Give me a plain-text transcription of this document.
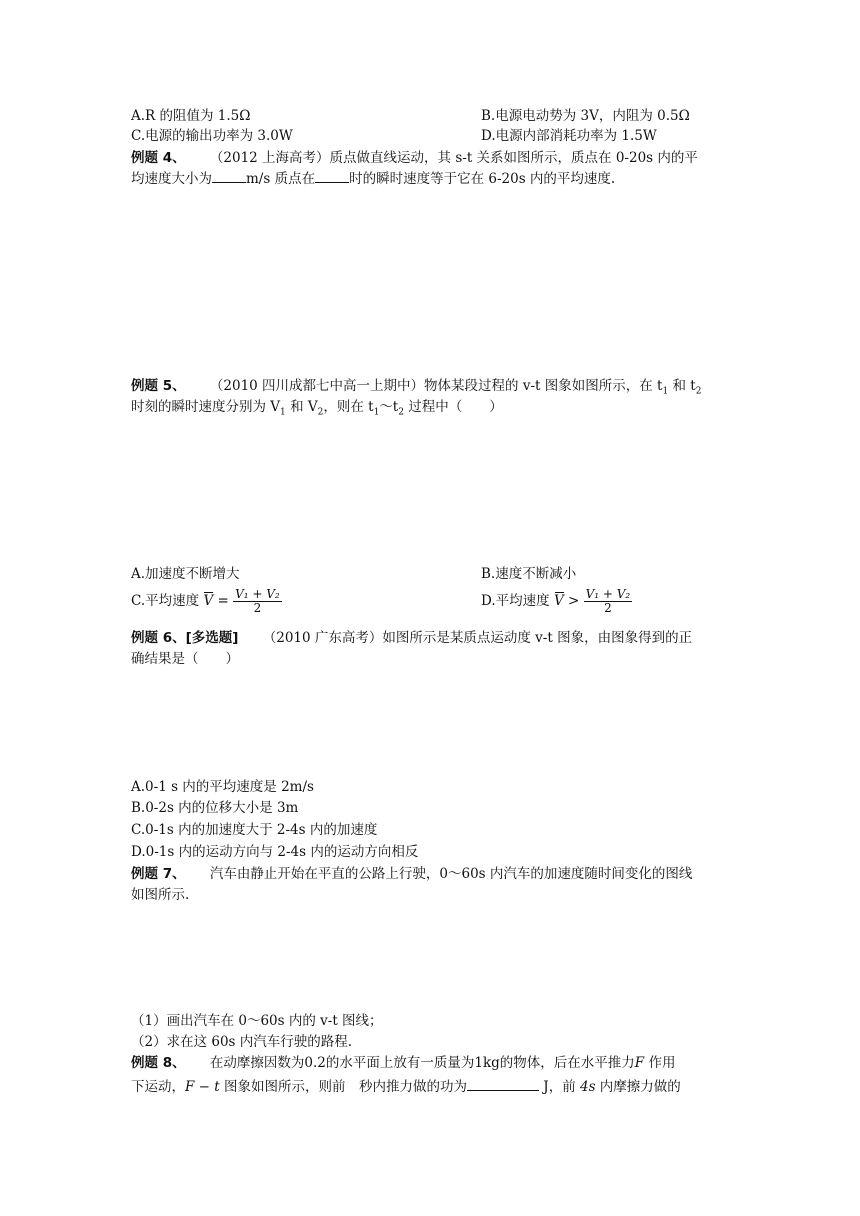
A.R 的阻值为 1.5Ω	B.电源电动势为 3V，内阻为 0.5Ω
C.电源的输出功率为 3.0W	D.电源内部消耗功率为 1.5W
例题 4、 （2012 上海高考）质点做直线运动，其 s-t 关系如图所示，质点在 0-20s 内的平
均速度大小为	m/s 质点在	时的瞬时速度等于它在 6-20s 内的平均速度.
例题 5、 （2010 四川成都七中高一上期中）物体某段过程的 v-t 图象如图所示，在 $t_1$ 和 $t_2$
时刻的瞬时速度分别为 $V_1$ 和 $V_2$，则在 $t_1\sim t_2$ 过程中（　　）
A.加速度不断增大	B.速度不断减小
C.平均速度 $V = \frac{\text{V₁ + V₂}}{2}$	D.平均速度 $V > \frac{\text{V₁ + V₂}}{2}$
例题 6、[多选题] （2010 广东高考）如图所示是某质点运动度 v-t 图象，由图象得到的正
确结果是（　　）
A.0-1 s 内的平均速度是 2m/s
B.0-2s 内的位移大小是 3m
C.0-1s 内的加速度大于 2-4s 内的加速度
D.0-1s 内的运动方向与 2-4s 内的运动方向相反
例题 7、 汽车由静止开始在平直的公路上行驶，0～60s 内汽车的加速度随时间变化的图线
如图所示.
（1）画出汽车在 0～60s 内的 v-t 图线；
（2）求在这 60s 内汽车行驶的路程.
例题 8、 在动摩擦因数为0.2的水平面上放有一质量为1kg的物体，后在水平推力F 作用
下运动，F − t 图象如图所示，则前　秒内推力做的功为	J，前 4s 内摩擦力做的
